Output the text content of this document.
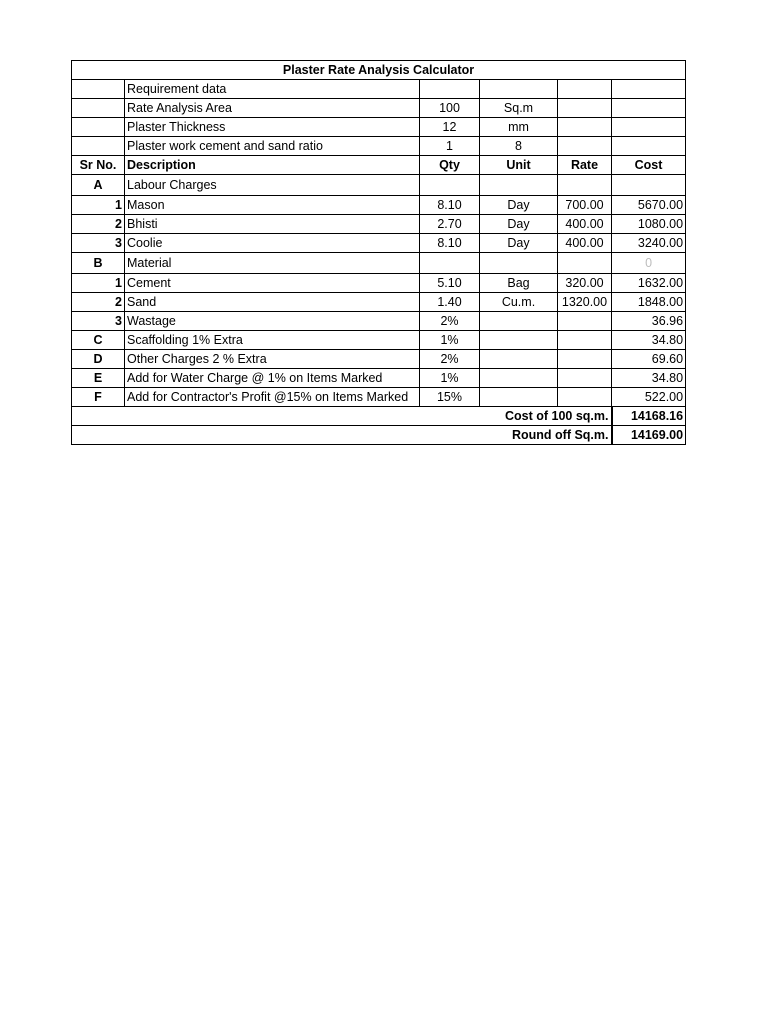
Plaster Rate Analysis Calculator					
	Requirement data				
	Rate Analysis Area	100	Sq.m		
	Plaster Thickness	12	mm		
	Plaster work cement and sand ratio	1	8		
Sr No.	Description	Qty	Unit	Rate	Cost
A	Labour Charges				
1	Mason	8.10	Day	700.00	5670.00
2	Bhisti	2.70	Day	400.00	1080.00
3	Coolie	8.10	Day	400.00	3240.00
B	Material				0
1	Cement	5.10	Bag	320.00	1632.00
2	Sand	1.40	Cu.m.	1320.00	1848.00
3	Wastage	2%			36.96
C	Scaffolding 1% Extra	1%			34.80
D	Other Charges 2 % Extra	2%			69.60
E	Add for Water Charge @ 1% on Items Marked	1%			34.80
F	Add for Contractor's Profit @15% on Items Marked	15%			522.00
Cost of 100 sq.m.					14168.16
Round off Sq.m.					14169.00
